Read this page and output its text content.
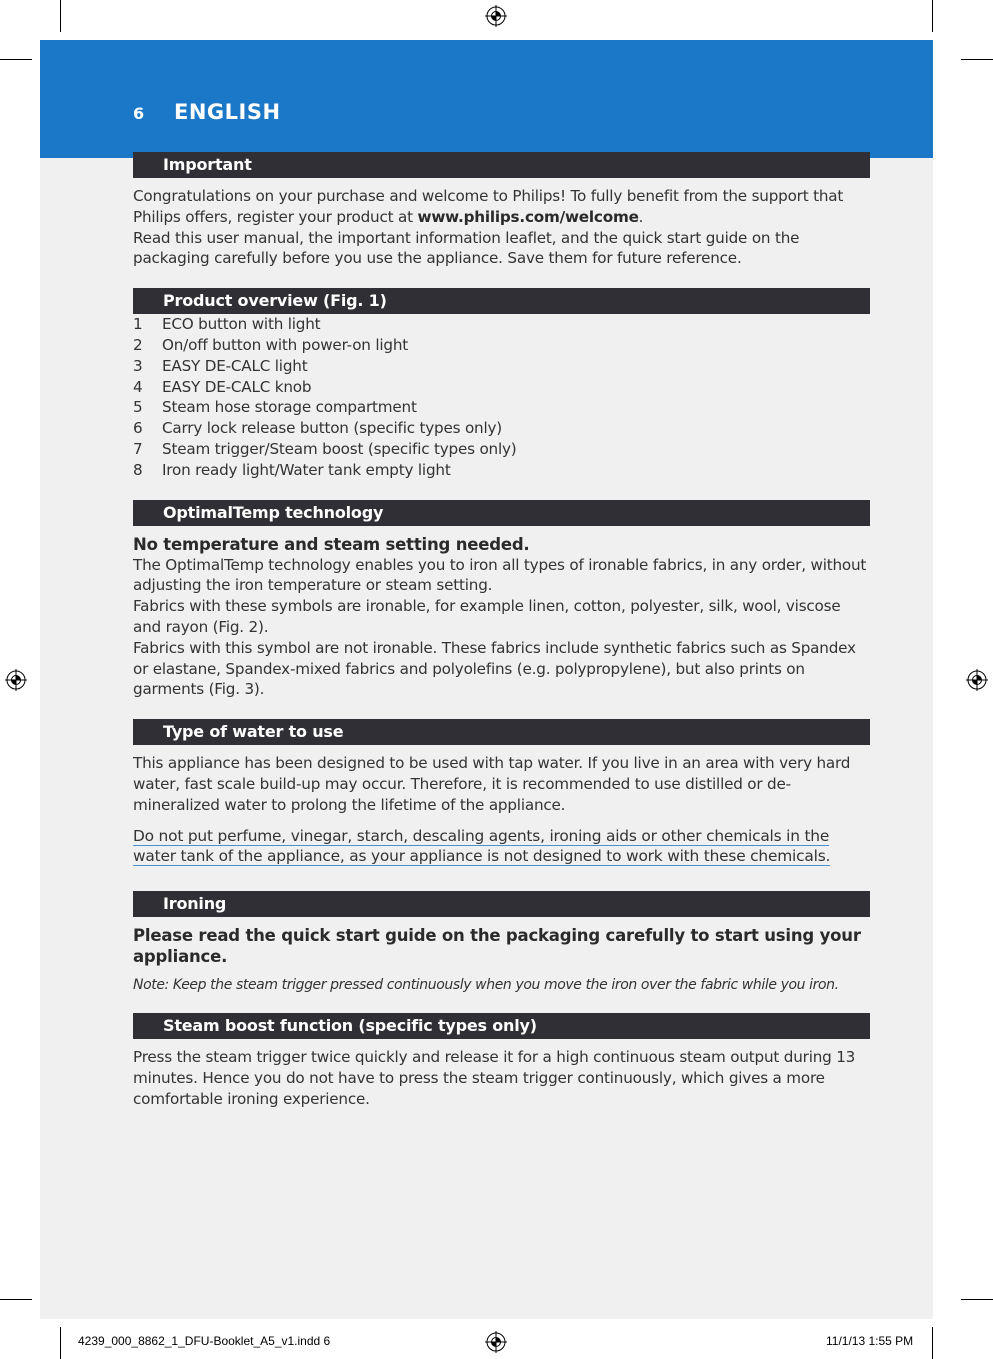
6 ENGLISH
Important

Congratulations on your purchase and welcome to Philips! To fully benefit from the support that Philips offers, register your product at www.philips.com/welcome.

Read this user manual, the important information leaflet, and the quick start guide on the packaging carefully before you use the appliance. Save them for future reference.

Product overview (Fig. 1)
1	ECO button with light
2	On/off button with power-on light
3	EASY DE-CALC light
4	EASY DE-CALC knob
5	Steam hose storage compartment
6	Carry lock release button (specific types only)
7	Steam trigger/Steam boost (specific types only)
8	Iron ready light/Water tank empty light
OptimalTemp technology

No temperature and steam setting needed.

The OptimalTemp technology enables you to iron all types of ironable fabrics, in any order, without adjusting the iron temperature or steam setting.

Fabrics with these symbols are ironable, for example linen, cotton, polyester, silk, wool, viscose and rayon (Fig. 2).

Fabrics with this symbol are not ironable. These fabrics include synthetic fabrics such as Spandex or elastane, Spandex-mixed fabrics and polyolefins (e.g. polypropylene), but also prints on garments (Fig. 3).

Type of water to use

This appliance has been designed to be used with tap water. If you live in an area with very hard water, fast scale build-up may occur. Therefore, it is recommended to use distilled or de-mineralized water to prolong the lifetime of the appliance.

Do not put perfume, vinegar, starch, descaling agents, ironing aids or other chemicals in the water tank of the appliance, as your appliance is not designed to work with these chemicals.

Ironing

Please read the quick start guide on the packaging carefully to start using your appliance.

Note: Keep the steam trigger pressed continuously when you move the iron over the fabric while you iron.

Steam boost function (specific types only)

Press the steam trigger twice quickly and release it for a high continuous steam output during 13 minutes. Hence you do not have to press the steam trigger continuously, which gives a more comfortable ironing experience.

4239_000_8862_1_DFU-Booklet_A5_v1.indd 6	11/1/13 1:55 PM
